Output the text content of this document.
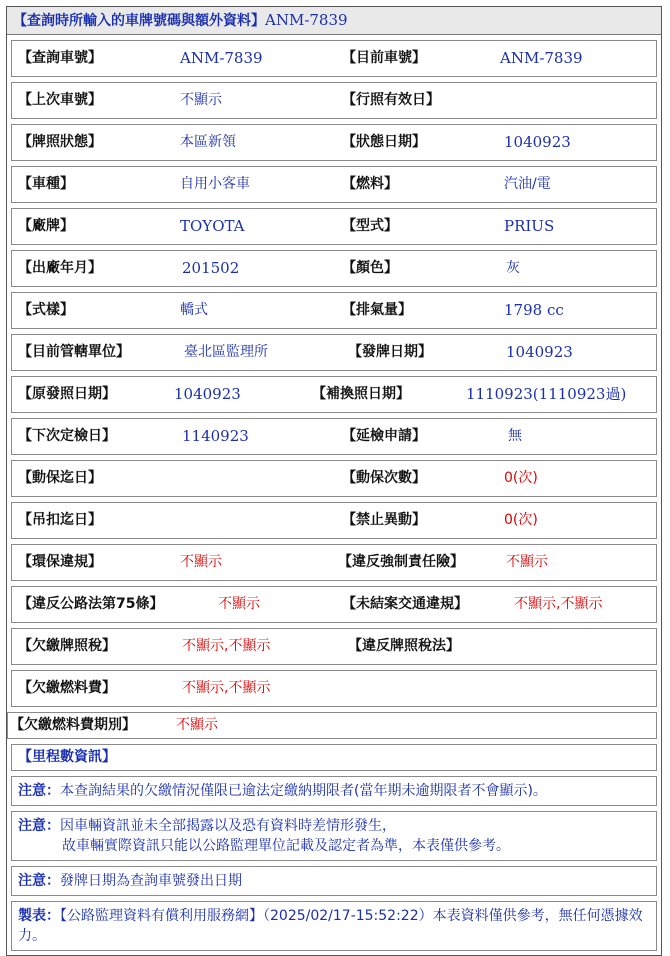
【查詢時所輸入的車牌號碼與額外資料】ANM-7839
【查詢車號】	ANM-7839	【目前車號】	ANM-7839
【上次車號】	不顯示	【行照有效日】
【牌照狀態】	本區新領	【狀態日期】	1040923
【車種】	自用小客車	【燃料】	汽油/電
【廠牌】	TOYOTA	【型式】	PRIUS
【出廠年月】	201502	【顏色】	灰
【式樣】	轎式	【排氣量】	1798 cc
【目前管轄單位】	臺北區監理所	【發牌日期】	1040923
【原發照日期】	1040923	【補換照日期】	1110923(1110923過)
【下次定檢日】	1140923	【延檢申請】	無
【動保迄日】	【動保次數】	0(次)
【吊扣迄日】	【禁止異動】	0(次)
【環保違規】	不顯示	【違反強制責任險】	不顯示
【違反公路法第75條】	不顯示	【未結案交通違規】	不顯示,不顯示
【欠繳牌照稅】	不顯示,不顯示	【違反牌照稅法】
【欠繳燃料費】	不顯示,不顯示
【欠繳燃料費期別】	不顯示
【里程數資訊】
注意：本查詢結果的欠繳情況僅限已逾法定繳納期限者(當年期未逾期限者不會顯示)。
注意：因車輛資訊並未全部揭露以及恐有資料時差情形發生，
故車輛實際資訊只能以公路監理單位記載及認定者為準，本表僅供參考。
注意：發牌日期為查詢車號發出日期
製表：【公路監理資料有償利用服務網】（2025/02/17-15:52:22）本表資料僅供參考，無任何憑據效力。
